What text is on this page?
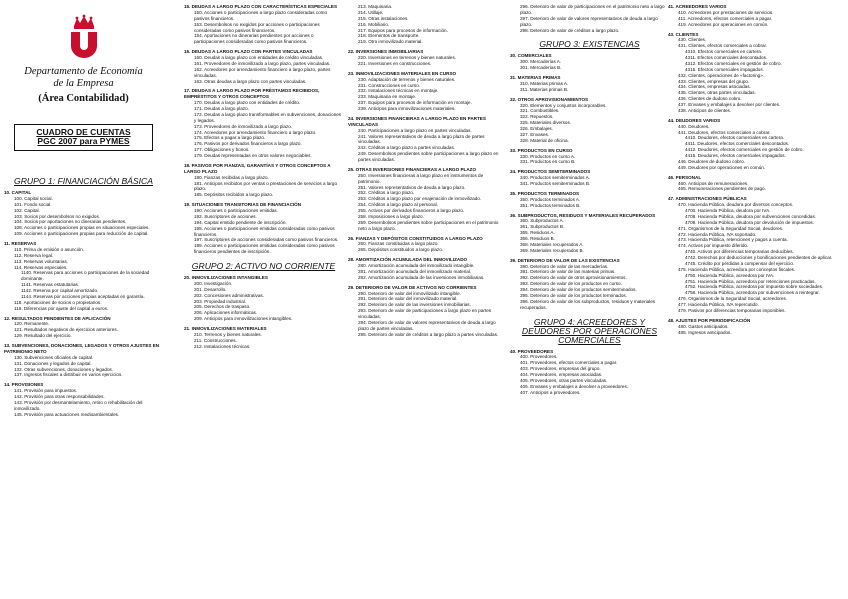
Departamento de Economía
de la Empresa
(Área Contabilidad)
CUADRO DE CUENTAS
PGC 2007 para PYMES
GRUPO 1: FINANCIACIÓN BÁSICA
10. CAPITAL
100. Capital social.
101. Fondo social.
102. Capital.
103. Socios por desembolsos no exigidos.
104. Socios por aportaciones no dinerarias pendientes.
108. Acciones o participaciones propias en situaciones especiales.
109. Acciones o participaciones propias para reducción de capital.
11. RESERVAS
110. Prima de emisión o asunción.
112. Reserva legal.
113. Reservas voluntarias.
114. Reservas especiales.
1140. Reservas para acciones o participaciones de la sociedad dominante.
1141. Reservas estatutarias.
1142. Reserva por capital amortizado.
1144. Reservas por acciones propias aceptadas en garantía.
118. Aportaciones de socios o propietarios.
119. Diferencias por ajuste del capital a euros.
12. RESULTADOS PENDIENTES DE APLICACIÓN
120. Remanente.
121. Resultados negativos de ejercicios anteriores.
129. Resultado del ejercicio.
13. SUBVENCIONES, DONACIONES, LEGADOS Y OTROS AJUSTES EN PATRIMONIO NETO
130. Subvenciones oficiales de capital.
131. Donaciones y legados de capital.
132. Otras subvenciones, donaciones y legados.
137. Ingresos fiscales a distribuir en varios ejercicios.
14. PROVISIONES
141. Provisión para impuestos.
142. Provisión para otras responsabilidades.
143. Provisión por desmantelamiento, retiro o rehabilitación del inmovilizado.
145. Provisión para actuaciones medioambientales.
15. DEUDAS A LARGO PLAZO CON CARACTERÍSTICAS ESPECIALES
150. Acciones o participaciones a largo plazo consideradas como pasivos financieros.
153. Desembolsos no exigidos por acciones o participaciones consideradas como pasivos financieros.
154. Aportaciones no dinerarias pendientes por acciones o participaciones consideradas como pasivos financieros.
16. DEUDAS A LARGO PLAZO CON PARTES VINCULADAS
160. Deudas a largo plazo con entidades de crédito vinculadas.
161. Proveedores de inmovilizado a largo plazo, partes vinculadas.
162. Acreedores por arrendamiento financiero a largo plazo, partes vinculadas.
163. Otras deudas a largo plazo con partes vinculadas.
17. DEUDAS A LARGO PLAZO POR PRÉSTAMOS RECIBIDOS, EMPRÉSTITOS Y OTROS CONCEPTOS
170. Deudas a largo plazo con entidades de crédito.
171. Deudas a largo plazo.
172. Deudas a largo plazo transformables en subvenciones, donaciones y legados.
173. Proveedores de inmovilizado a largo plazo.
174. Acreedores por arrendamiento financiero a largo plazo.
175. Efectos a pagar a largo plazo.
176. Pasivos por derivados financieros a largo plazo.
177. Obligaciones y bonos.
179. Deudas representadas en otros valores negociables.
18. PASIVOS POR FIANZAS, GARANTÍAS Y OTROS CONCEPTOS A LARGO PLAZO
180. Fianzas recibidas a largo plazo.
181. Anticipos recibidos por ventas o prestaciones de servicios a largo plazo.
185. Depósitos recibidos a largo plazo.
19. SITUACIONES TRANSITORIAS DE FINANCIACIÓN
190. Acciones o participaciones emitidas.
192. Suscriptores de acciones.
194. Capital emitido pendiente de inscripción.
195. Acciones o participaciones emitidas consideradas como pasivos financieros.
197. Suscriptores de acciones consideradas como pasivos financieros.
199. Acciones o participaciones emitidas consideradas como pasivos financieros pendientes de inscripción.
GRUPO 2: ACTIVO NO CORRIENTE
20. INMOVILIZACIONES INTANGIBLES
200. Investigación.
201. Desarrollo.
202. Concesiones administrativas.
203. Propiedad industrial.
205. Derechos de traspaso.
206. Aplicaciones informáticas.
209. Anticipos para inmovilizaciones intangibles.
21. INMOVILIZACIONES MATERIALES
210. Terrenos y bienes naturales.
211. Construcciones.
212. Instalaciones técnicas.
213. Maquinaria.
214. Utillaje.
215. Otras instalaciones.
216. Mobiliario.
217. Equipos para procesos de información.
218. Elementos de transporte.
219. Otro inmovilizado material.
22. INVERSIONES INMOBILIARIAS
220. Inversiones en terrenos y bienes naturales.
221. Inversiones en construcciones.
23. INMOVILIZACIONES MATERIALES EN CURSO
230. Adaptación de terrenos y bienes naturales.
231. Construcciones en curso.
232. Instalaciones técnicas en montaje.
233. Maquinaria en montaje.
237. Equipos para procesos de información en montaje.
239. Anticipos para inmovilizaciones materiales.
24. INVERSIONES FINANCIERAS A LARGO PLAZO EN PARTES VINCULADAS
240. Participaciones a largo plazo en partes vinculadas.
241. Valores representativos de deuda a largo plazo de partes vinculadas.
242. Créditos a largo plazo a partes vinculadas.
249. Desembolsos pendientes sobre participaciones a largo plazo en partes vinculadas.
25. OTRAS INVERSIONES FINANCIERAS A LARGO PLAZO
250. Inversiones financieras a largo plazo en instrumentos de patrimonio.
251. Valores representativos de deuda a largo plazo.
252. Créditos a largo plazo.
253. Créditos a largo plazo por enajenación de inmovilizado.
254. Créditos a largo plazo al personal.
255. Activos por derivados financieros a largo plazo.
258. Imposiciones a largo plazo.
259. Desembolsos pendientes sobre participaciones en el patrimonio neto a largo plazo.
26. FIANZAS Y DEPÓSITOS CONSTITUIDOS A LARGO PLAZO
260. Fianzas constituidas a largo plazo.
265. Depósitos constituidos a largo plazo.
28. AMORTIZACIÓN ACUMULADA DEL INMOVILIZADO
280. Amortización acumulada del inmovilizado intangible.
281. Amortización acumulada del inmovilizado material.
282. Amortización acumulada de las inversiones inmobiliarias.
29. DETERIORO DE VALOR DE ACTIVOS NO CORRIENTES
290. Deterioro de valor del inmovilizado intangible.
291. Deterioro de valor del inmovilizado material.
292. Deterioro de valor de las inversiones inmobiliarias.
293. Deterioro de valor de participaciones a largo plazo en partes vinculadas.
294. Deterioro de valor de valores representativos de deuda a largo plazo de partes vinculadas.
295. Deterioro de valor de créditos a largo plazo a partes vinculadas.
296. Deterioro de valor de participaciones en el patrimonio neto a largo plazo.
297. Deterioro de valor de valores representativos de deuda a largo plazo.
298. Deterioro de valor de créditos a largo plazo.
GRUPO 3: EXISTENCIAS
30. COMERCIALES
300. Mercaderías A.
301. Mercaderías B.
31. MATERIAS PRIMAS
310. Materias primas A.
311. Materias primas B.
32. OTROS APROVISIONAMIENTOS
320. Elementos y conjuntos incorporables.
321. Combustibles.
322. Repuestos.
325. Materiales diversos.
326. Embalajes.
327. Envases.
328. Material de oficina.
33. PRODUCTOS EN CURSO
330. Productos en curso A.
331. Productos en curso B.
34. PRODUCTOS SEMITERMINADOS
340. Productos semiterminados A.
341. Productos semiterminados B.
35. PRODUCTOS TERMINADOS
350. Productos terminados A.
351. Productos terminados B.
36. SUBPRODUCTOS, RESIDUOS Y MATERIALES RECUPERADOS
360. Subproductos A.
361. Subproductos B.
365. Residuos A.
366. Residuos B.
368. Materiales recuperados A.
369. Materiales recuperados B.
39. DETERIORO DE VALOR DE LAS EXISTENCIAS
390. Deterioro de valor de las mercaderías.
391. Deterioro de valor de las materias primas.
392. Deterioro de valor de otros aprovisionamientos.
393. Deterioro de valor de los productos en curso.
394. Deterioro de valor de los productos semiterminados.
395. Deterioro de valor de los productos terminados.
396. Deterioro de valor de los subproductos, residuos y materiales recuperados.
GRUPO 4: ACREEDORES Y DEUDORES POR OPERACIONES COMERCIALES
40. PROVEEDORES
400. Proveedores.
401. Proveedores, efectos comerciales a pagar.
403. Proveedores, empresas del grupo.
404. Proveedores, empresas asociadas.
405. Proveedores, otras partes vinculadas.
406. Envases y embalajes a devolver a proveedores.
407. Anticipos a proveedores.
41. ACREEDORES VARIOS
410. Acreedores por prestaciones de servicios.
411. Acreedores, efectos comerciales a pagar.
419. Acreedores por operaciones en común.
43. CLIENTES
430. Clientes.
431. Clientes, efectos comerciales a cobrar.
4310. Efectos comerciales en cartera.
4311. Efectos comerciales descontados.
4312. Efectos comerciales en gestión de cobro.
4315. Efectos comerciales impagados.
432. Clientes, operaciones de «factoring».
433. Clientes, empresas del grupo.
434. Clientes, empresas asociadas.
435. Clientes, otras partes vinculadas.
436. Clientes de dudoso cobro.
437. Envases y embalajes a devolver por clientes.
438. Anticipos de clientes.
44. DEUDORES VARIOS
440. Deudores.
441. Deudores, efectos comerciales a cobrar.
4410. Deudores, efectos comerciales en cartera.
4411. Deudores, efectos comerciales descontados.
4412. Deudores, efectos comerciales en gestión de cobro.
4415. Deudores, efectos comerciales impagados.
446. Deudores de dudoso cobro.
449. Deudores por operaciones en común.
46. PERSONAL
460. Anticipos de remuneraciones.
465. Remuneraciones pendientes de pago.
47. ADMINISTRACIONES PÚBLICAS
470. Hacienda Pública, deudora por diversos conceptos.
4700. Hacienda Pública, deudora por IVA.
4708. Hacienda Pública, deudora por subvenciones concedidas.
4709. Hacienda Pública, deudora por devolución de impuestos.
471. Organismos de la Seguridad Social, deudores.
472. Hacienda Pública, IVA soportado.
473. Hacienda Pública, retenciones y pagos a cuenta.
474. Activos por impuesto diferido.
4740. Activos por diferencias temporarias deducibles.
4742. Derechos por deducciones y bonificaciones pendientes de aplicar.
4745. Crédito por pérdidas a compensar del ejercicio.
475. Hacienda Pública, acreedora por conceptos fiscales.
4750. Hacienda Pública, acreedora por IVA.
4751. Hacienda Pública, acreedora por retenciones practicadas.
4752. Hacienda Pública, acreedora por impuesto sobre sociedades.
4758. Hacienda Pública, acreedora por subvenciones a reintegrar.
476. Organismos de la Seguridad Social, acreedores.
477. Hacienda Pública, IVA repercutido.
479. Pasivos por diferencias temporarias imponibles.
48. AJUSTES POR PERIODIFICACIÓN
480. Gastos anticipados.
485. Ingresos anticipados.
